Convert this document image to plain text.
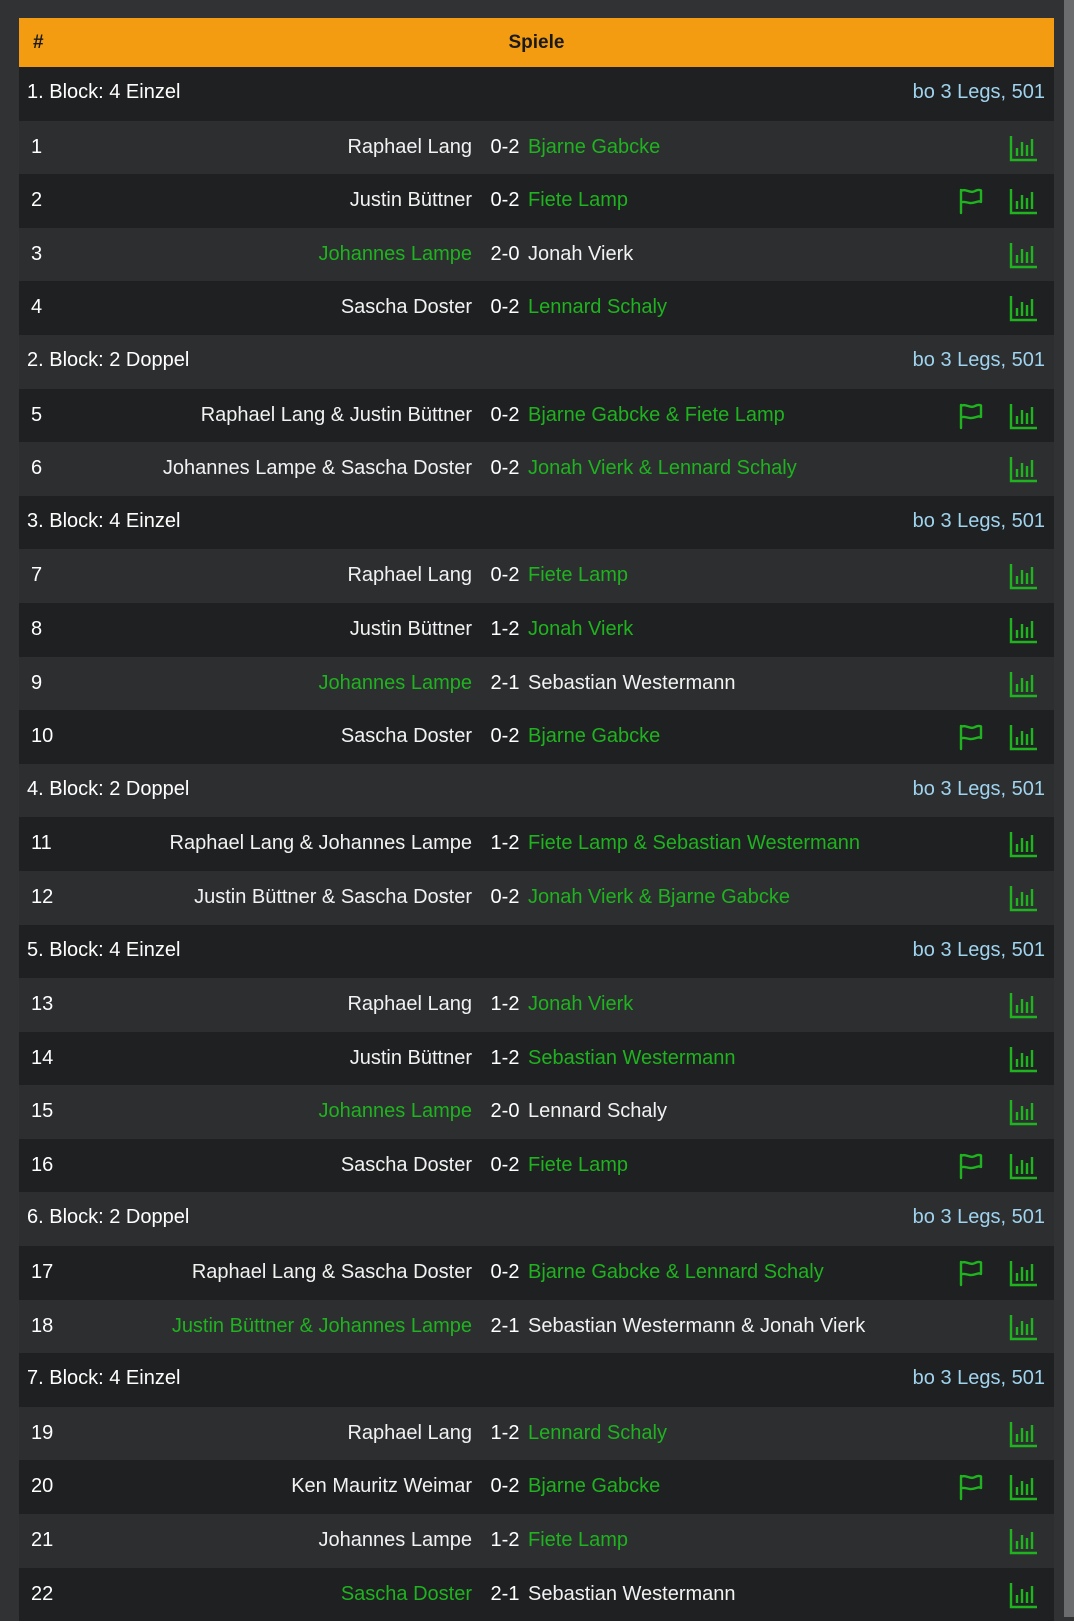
#	Spiele
1. Block: 4 Einzel	bo 3 Legs, 501
1	Raphael Lang 0-2 Bjarne Gabcke
2	Justin Büttner 0-2 Fiete Lamp
3	Johannes Lampe 2-0 Jonah Vierk
4	Sascha Doster 0-2 Lennard Schaly
2. Block: 2 Doppel	bo 3 Legs, 501
5	Raphael Lang & Justin Büttner 0-2 Bjarne Gabcke & Fiete Lamp
6	Johannes Lampe & Sascha Doster 0-2 Jonah Vierk & Lennard Schaly
3. Block: 4 Einzel	bo 3 Legs, 501
7	Raphael Lang 0-2 Fiete Lamp
8	Justin Büttner 1-2 Jonah Vierk
9	Johannes Lampe 2-1 Sebastian Westermann
10	Sascha Doster 0-2 Bjarne Gabcke
4. Block: 2 Doppel	bo 3 Legs, 501
11	Raphael Lang & Johannes Lampe 1-2 Fiete Lamp & Sebastian Westermann
12	Justin Büttner & Sascha Doster 0-2 Jonah Vierk & Bjarne Gabcke
5. Block: 4 Einzel	bo 3 Legs, 501
13	Raphael Lang 1-2 Jonah Vierk
14	Justin Büttner 1-2 Sebastian Westermann
15	Johannes Lampe 2-0 Lennard Schaly
16	Sascha Doster 0-2 Fiete Lamp
6. Block: 2 Doppel	bo 3 Legs, 501
17	Raphael Lang & Sascha Doster 0-2 Bjarne Gabcke & Lennard Schaly
18	Justin Büttner & Johannes Lampe 2-1 Sebastian Westermann & Jonah Vierk
7. Block: 4 Einzel	bo 3 Legs, 501
19	Raphael Lang 1-2 Lennard Schaly
20	Ken Mauritz Weimar 0-2 Bjarne Gabcke
21	Johannes Lampe 1-2 Fiete Lamp
22	Sascha Doster 2-1 Sebastian Westermann
